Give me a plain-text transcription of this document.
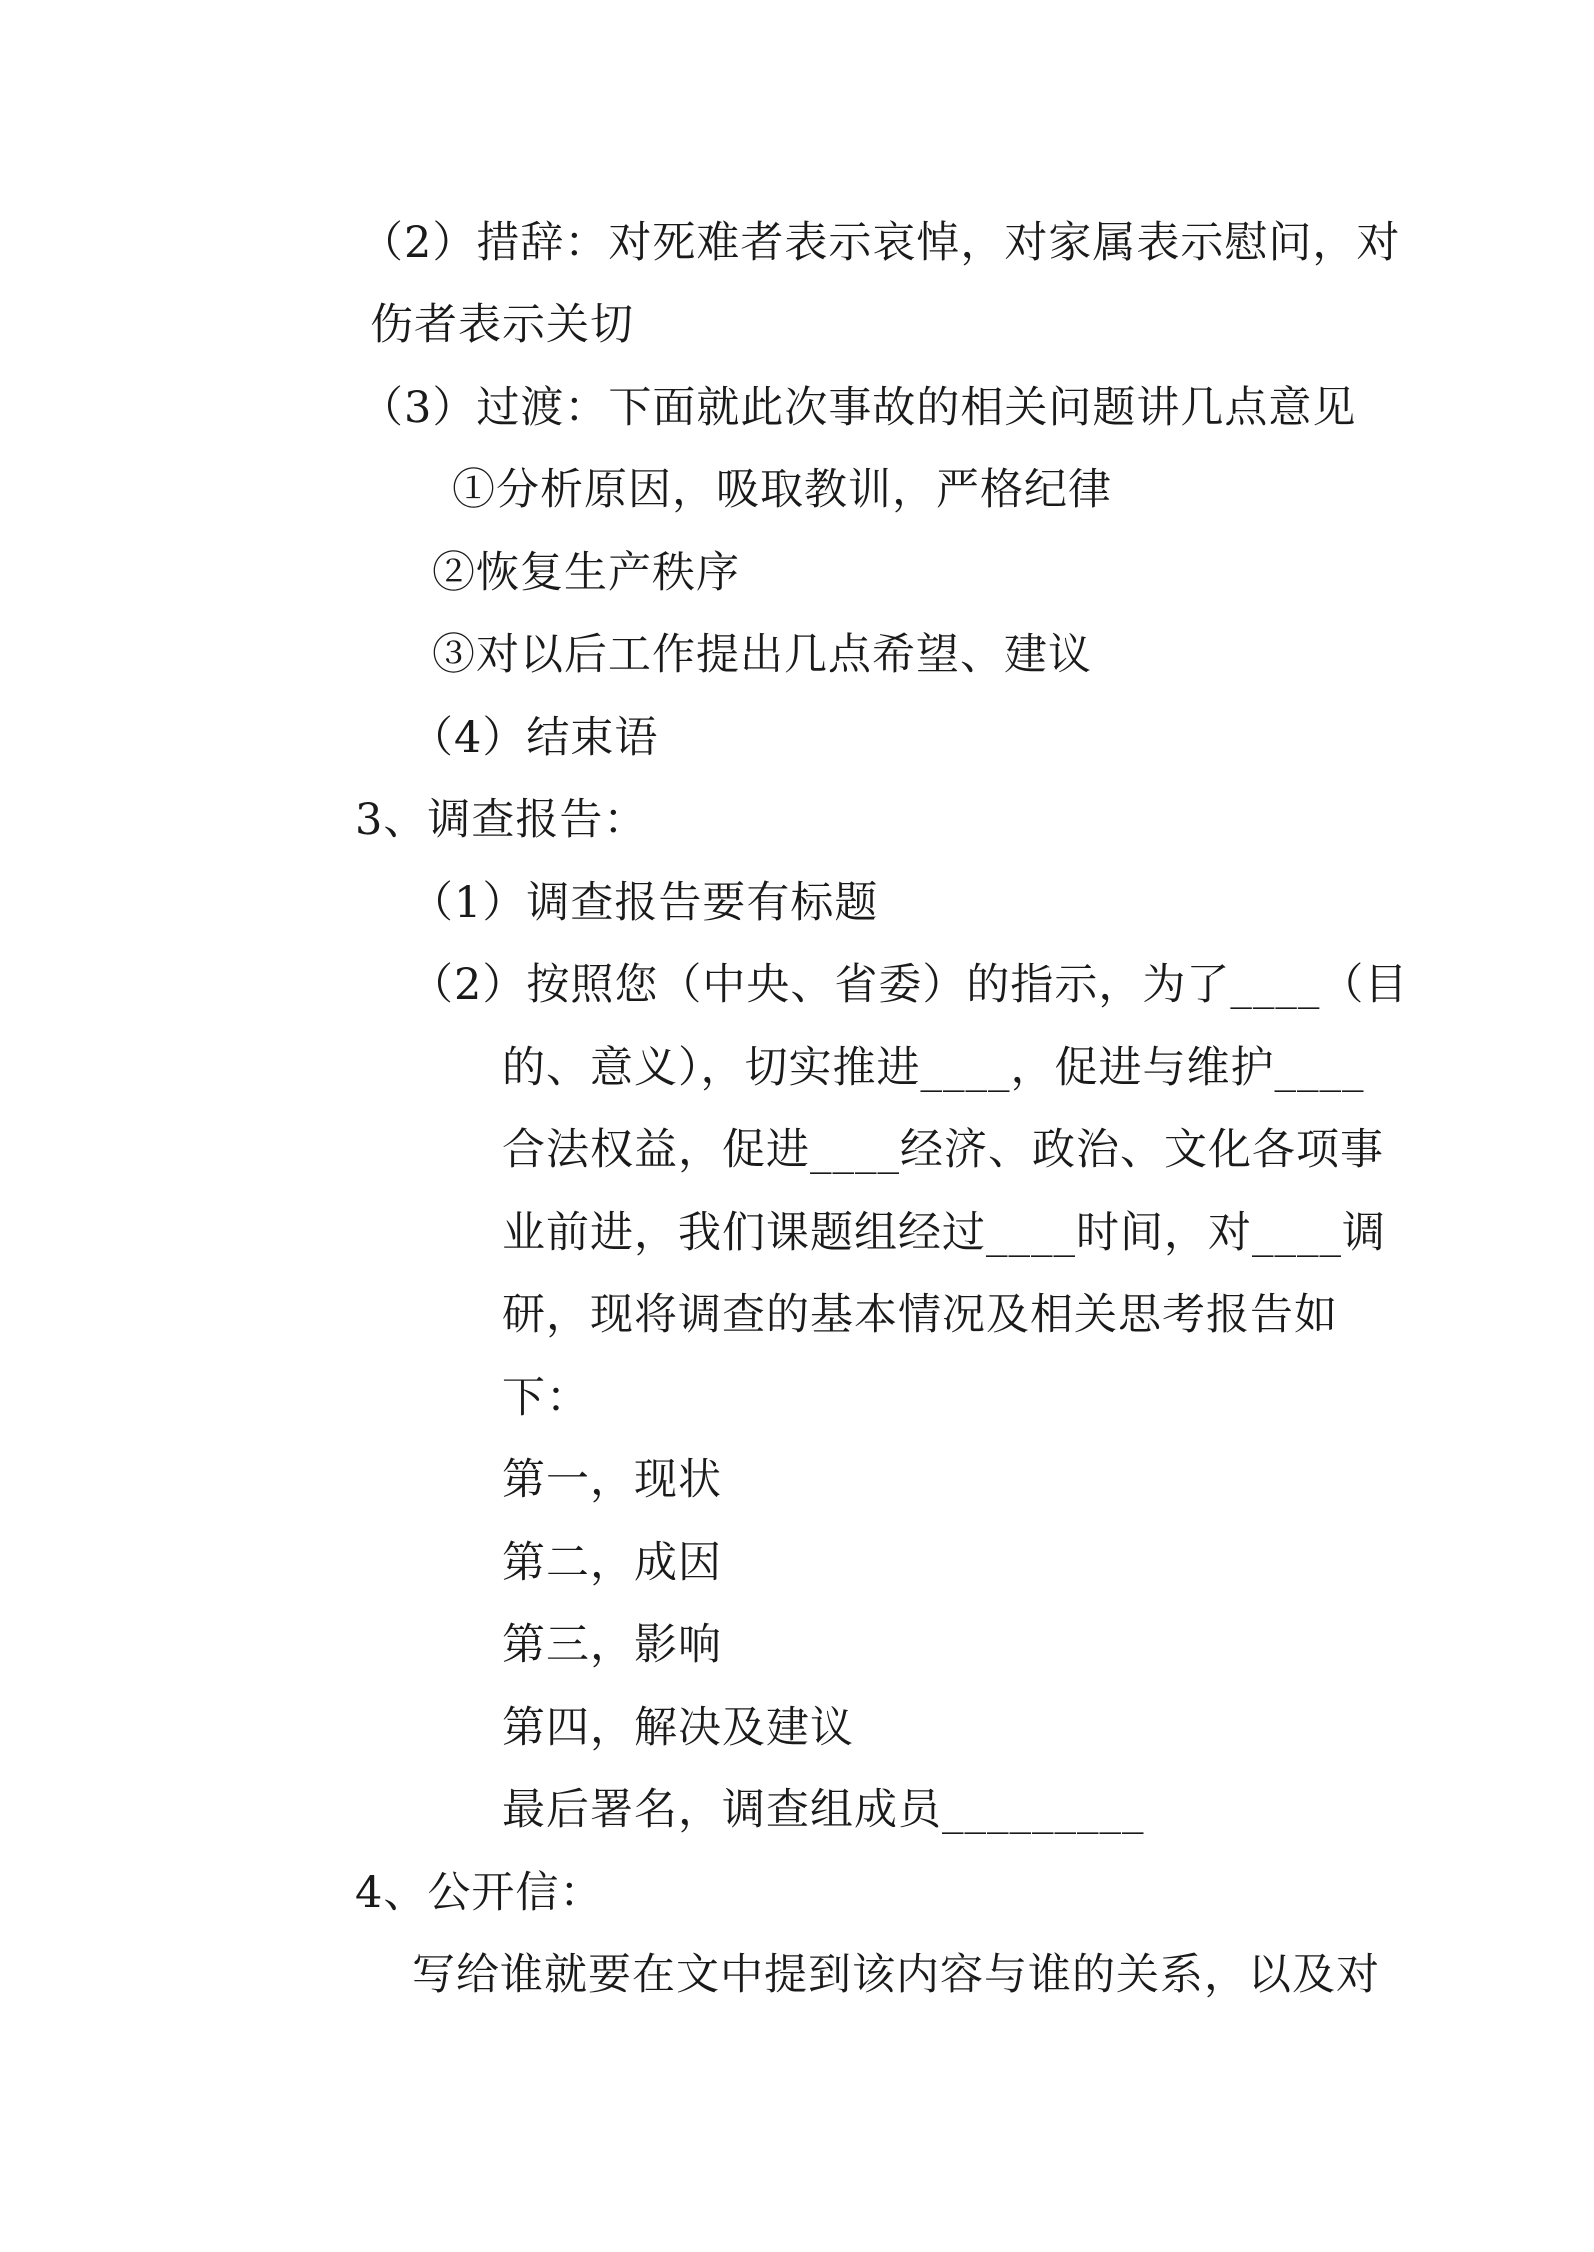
（2）措辞：对死难者表示哀悼，对家属表示慰问，对
伤者表示关切
（3）过渡：下面就此次事故的相关问题讲几点意见
①分析原因，吸取教训，严格纪律
②恢复生产秩序
③对以后工作提出几点希望、建议
（4）结束语
3、调查报告：
（1）调查报告要有标题
（2）按照您（中央、省委）的指示，为了____（目
的、意义），切实推进____，促进与维护____
合法权益，促进____经济、政治、文化各项事
业前进，我们课题组经过____时间，对____调
研，现将调查的基本情况及相关思考报告如
下：
第一，现状
第二，成因
第三，影响
第四，解决及建议
最后署名，调查组成员_________
4、公开信：
写给谁就要在文中提到该内容与谁的关系，以及对
